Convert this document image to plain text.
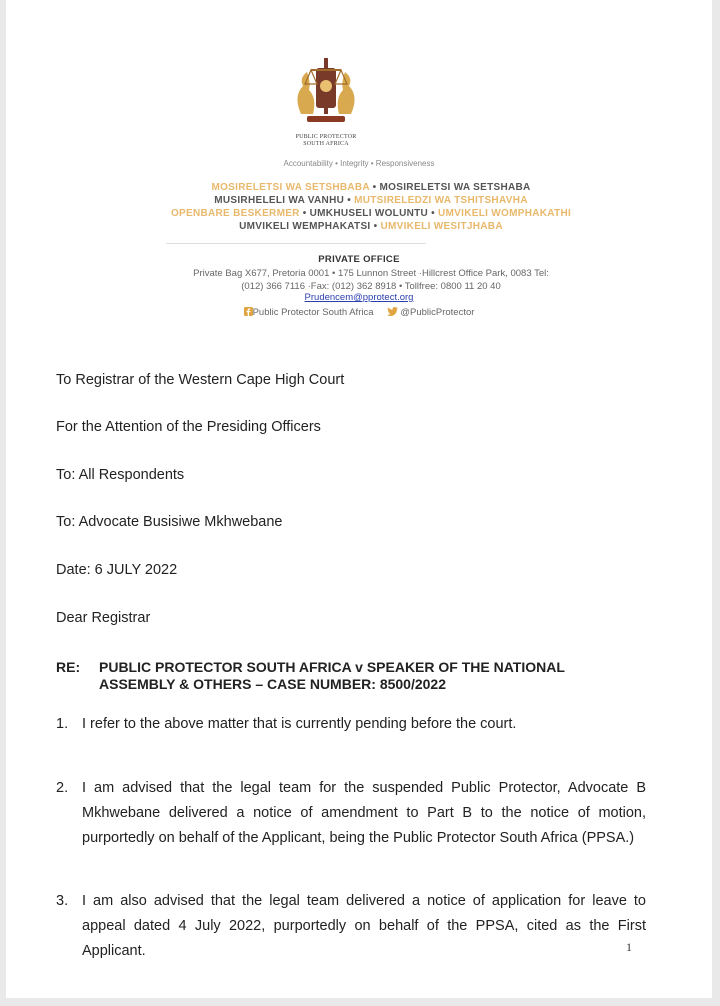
PUBLIC PROTECTOR
SOUTH AFRICA
Accountability • Integrity • Responsiveness
MOSIRELETSI WA SETSHBABA • MOSIRELETSI WA SETSHABA
MUSIRHELELI WA VANHU • MUTSIRELEDZI WA TSHITSHAVHA
OPENBARE BESKERMER • UMKHUSELI WOLUNTU • UMVIKELI WOMPHAKATHI
UMVIKELI WEMPHAKATSI • UMVIKELI WESITJHABA
PRIVATE OFFICE
Private Bag X677, Pretoria 0001 • 175 Lunnon Street ·Hillcrest Office Park, 0083 Tel:
(012) 366 7116 ·Fax: (012) 362 8918 • Tollfree: 0800 11 20 40
Prudencem@pprotect.org
Public Protector South Africa	@PublicProtector
To Registrar of the Western Cape High Court
For the Attention of the Presiding Officers
To: All Respondents
To: Advocate Busisiwe Mkhwebane
Date: 6 JULY 2022
Dear Registrar
RE: PUBLIC PROTECTOR SOUTH AFRICA v SPEAKER OF THE NATIONAL ASSEMBLY & OTHERS – CASE NUMBER: 8500/2022
1. I refer to the above matter that is currently pending before the court.
2. I am advised that the legal team for the suspended Public Protector, Advocate B Mkhwebane delivered a notice of amendment to Part B to the notice of motion, purportedly on behalf of the Applicant, being the Public Protector South Africa (PPSA.)
3. I am also advised that the legal team delivered a notice of application for leave to appeal dated 4 July 2022, purportedly on behalf of the PPSA, cited as the First Applicant.	1
